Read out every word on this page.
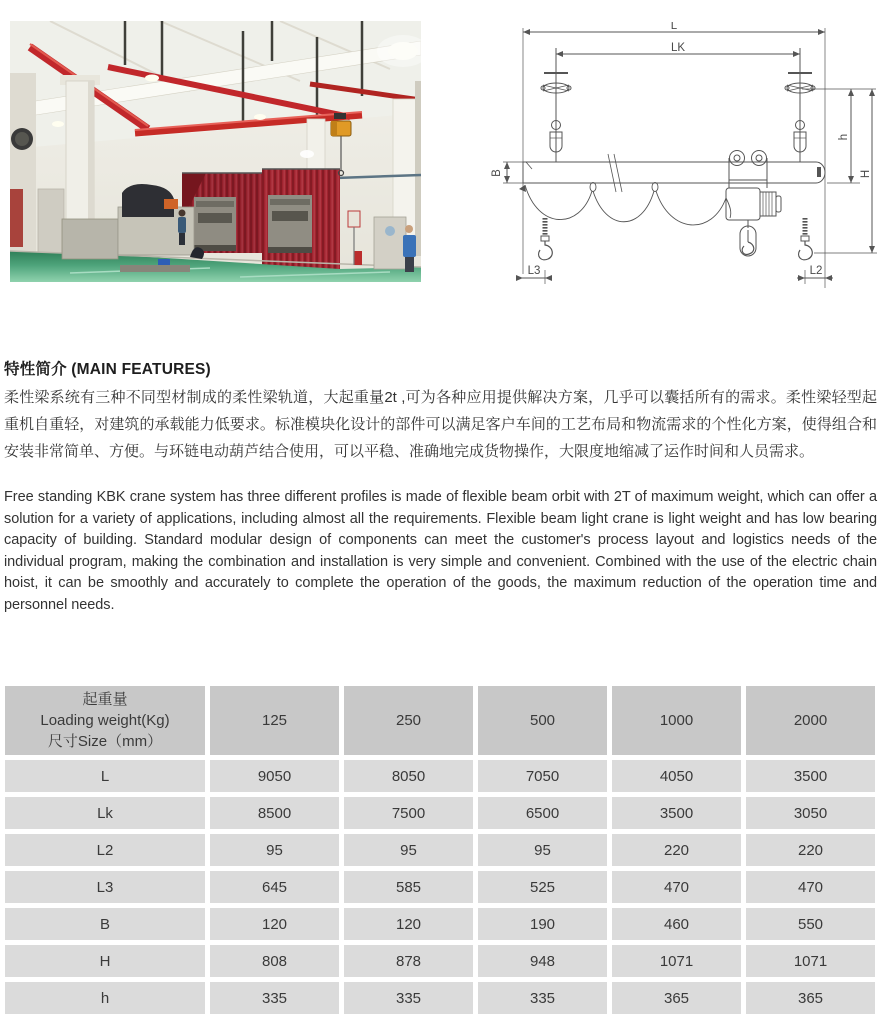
L
LK
B
h
H
L3	L2
特性简介 (MAIN FEATURES)

柔性梁系统有三种不同型材制成的柔性梁轨道，大起重量2t ,可为各种应用提供解决方案，几乎可以囊括所有的需求。柔性梁轻型起重机自重轻，对建筑的承载能力低要求。标准模块化设计的部件可以满足客户车间的工艺布局和物流需求的个性化方案，使得组合和安装非常简单、方便。与环链电动葫芦结合使用，可以平稳、准确地完成货物操作，大限度地缩减了运作时间和人员需求。

Free standing KBK crane system has three different profiles is made of flexible beam orbit with 2T of maximum weight, which can offer a solution for a variety of applications, including almost all the requirements. Flexible beam light crane is light weight and has low bearing capacity of building. Standard modular design of components can meet the customer's process layout and logistics needs of the individual program, making the combination and installation is very simple and convenient. Combined with the use of the electric chain hoist, it can be smoothly and accurately to complete the operation of the goods, the maximum reduction of the operation time and personnel needs.

起重量
Loading weight(Kg)
尺寸Size（mm）	125	250	500	1000	2000
L	9050	8050	7050	4050	3500
Lk	8500	7500	6500	3500	3050
L2	95	95	95	220	220
L3	645	585	525	470	470
B	120	120	190	460	550
H	808	878	948	1071	1071
h	335	335	335	365	365
